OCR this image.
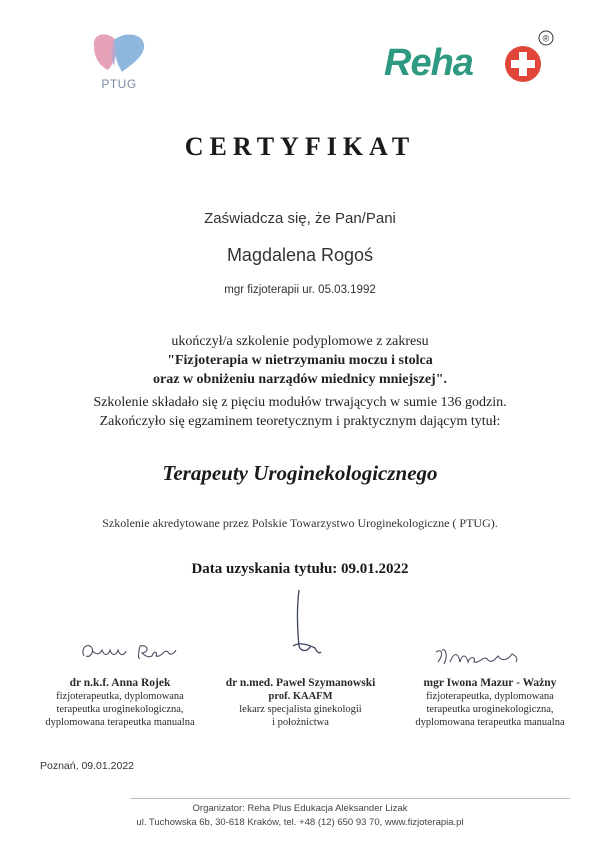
PTUG	Reha
®
CERTYFIKAT
Zaświadcza się, że Pan/Pani
Magdalena Rogoś
mgr fizjoterapii ur. 05.03.1992
ukończył/a szkolenie podyplomowe z zakresu
"Fizjoterapia w nietrzymaniu moczu i stolca
oraz w obniżeniu narządów miednicy mniejszej".
Szkolenie składało się z pięciu modułów trwających w sumie 136 godzin.
Zakończyło się egzaminem teoretycznym i praktycznym dającym tytuł:
Terapeuty Uroginekologicznego
Szkolenie akredytowane przez Polskie Towarzystwo Uroginekologiczne ( PTUG).
Data uzyskania tytułu: 09.01.2022
dr n.k.f. Anna Rojek
fizjoterapeutka, dyplomowana
terapeutka uroginekologiczna,
dyplomowana terapeutka manualna
dr n.med. Paweł Szymanowski
prof. KAAFM
lekarz specjalista ginekologii
i położnictwa
mgr Iwona Mazur - Ważny
fizjoterapeutka, dyplomowana
terapeutka uroginekologiczna,
dyplomowana terapeutka manualna
Poznań, 09.01.2022
Organizator: Reha Plus Edukacja Aleksander Lizak
ul. Tuchowska 6b, 30-618 Kraków, tel. +48 (12) 650 93 70, www.fizjoterapia.pl
